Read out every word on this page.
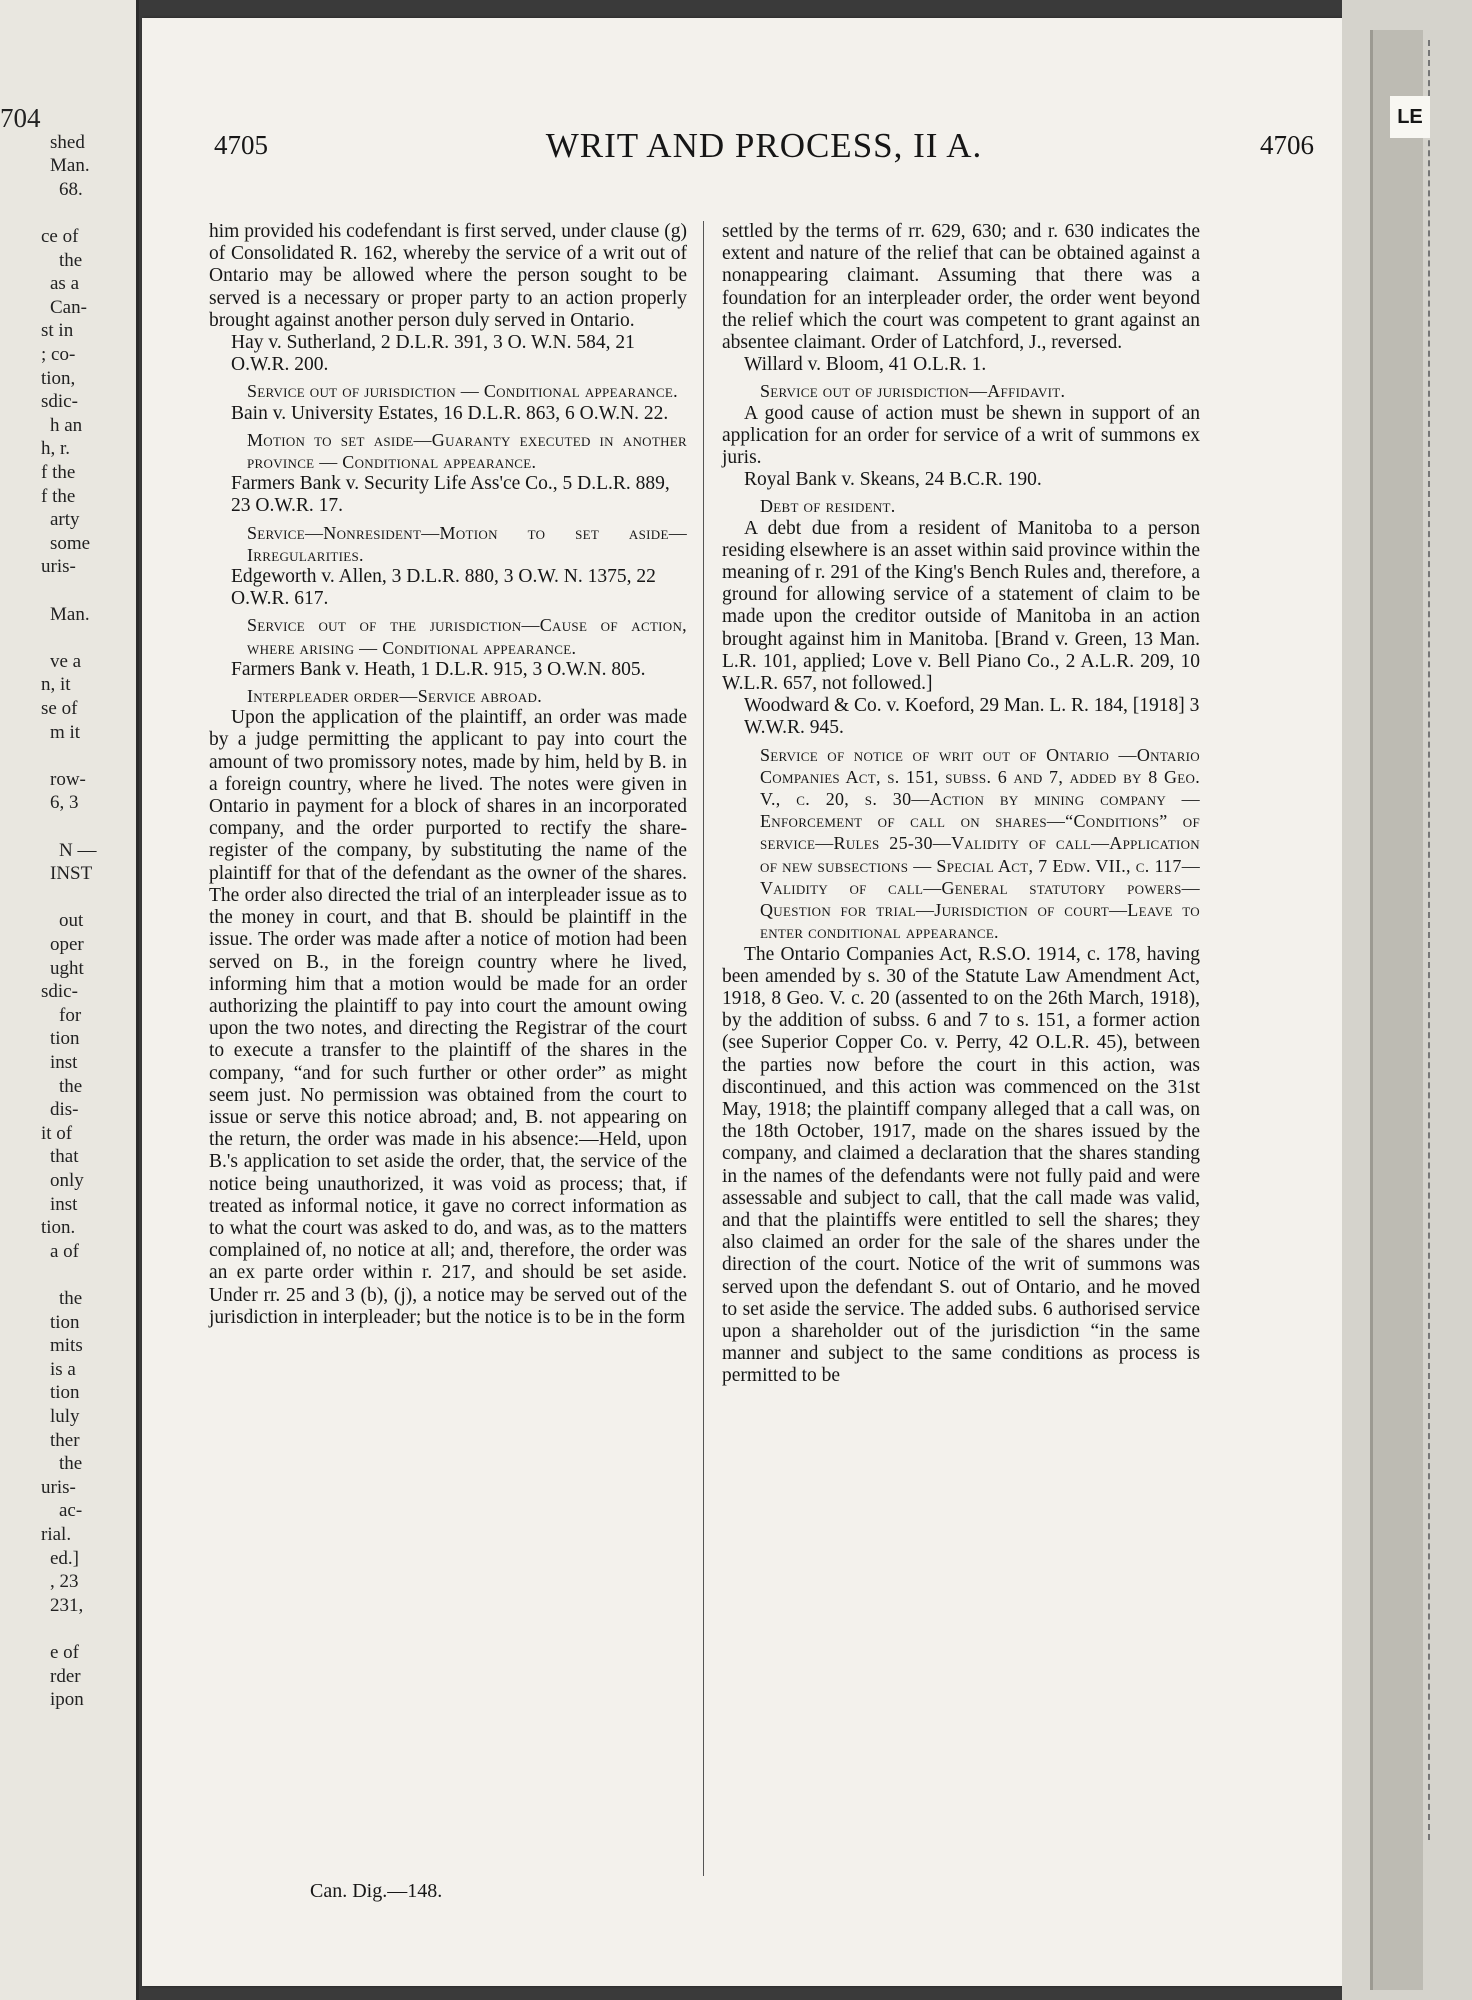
704
shed
Man.
68.
ce of
the
as a
Can-
st in
; co-
tion,
sdic-
h an
h, r.
f the
f the
arty
some
uris-
Man.
ve a
n, it
se of
m it
row-
6, 3
N —
INST
out
oper
ught
sdic-
for
tion
inst
the
dis-
it of
that
only
inst
tion.
a of
the
tion
mits
is a
tion
luly
ther
the
uris-
ac-
rial.
ed.]
, 23
231,
e of
rder
ipon
4705	WRIT AND PROCESS, II A.	4706
him provided his codefendant is first served, under clause (g) of Consolidated R. 162, whereby the service of a writ out of Ontario may be allowed where the person sought to be served is a necessary or proper party to an action properly brought against another person duly served in Ontario.
Hay v. Sutherland, 2 D.L.R. 391, 3 O. W.N. 584, 21 O.W.R. 200.
Service out of jurisdiction — Conditional appearance.
Bain v. University Estates, 16 D.L.R. 863, 6 O.W.N. 22.
Motion to set aside—Guaranty executed in another province — Conditional appearance.
Farmers Bank v. Security Life Ass'ce Co., 5 D.L.R. 889, 23 O.W.R. 17.
Service—Nonresident—Motion to set aside—Irregularities.
Edgeworth v. Allen, 3 D.L.R. 880, 3 O.W. N. 1375, 22 O.W.R. 617.
Service out of the jurisdiction—Cause of action, where arising — Conditional appearance.
Farmers Bank v. Heath, 1 D.L.R. 915, 3 O.W.N. 805.
Interpleader order—Service abroad.
Upon the application of the plaintiff, an order was made by a judge permitting the applicant to pay into court the amount of two promissory notes, made by him, held by B. in a foreign country, where he lived. The notes were given in Ontario in payment for a block of shares in an incorporated company, and the order purported to rectify the share-register of the company, by substituting the name of the plaintiff for that of the defendant as the owner of the shares. The order also directed the trial of an interpleader issue as to the money in court, and that B. should be plaintiff in the issue. The order was made after a notice of motion had been served on B., in the foreign country where he lived, informing him that a motion would be made for an order authorizing the plaintiff to pay into court the amount owing upon the two notes, and directing the Registrar of the court to execute a transfer to the plaintiff of the shares in the company, “and for such further or other order” as might seem just. No permission was obtained from the court to issue or serve this notice abroad; and, B. not appearing on the return, the order was made in his absence:—Held, upon B.'s application to set aside the order, that, the service of the notice being unauthorized, it was void as process; that, if treated as informal notice, it gave no correct information as to what the court was asked to do, and was, as to the matters complained of, no notice at all; and, therefore, the order was an ex parte order within r. 217, and should be set aside. Under rr. 25 and 3 (b), (j), a notice may be served out of the jurisdiction in interpleader; but the notice is to be in the form
settled by the terms of rr. 629, 630; and r. 630 indicates the extent and nature of the relief that can be obtained against a nonappearing claimant. Assuming that there was a foundation for an interpleader order, the order went beyond the relief which the court was competent to grant against an absentee claimant. Order of Latchford, J., reversed.
Willard v. Bloom, 41 O.L.R. 1.
Service out of jurisdiction—Affidavit.
A good cause of action must be shewn in support of an application for an order for service of a writ of summons ex juris.
Royal Bank v. Skeans, 24 B.C.R. 190.
Debt of resident.
A debt due from a resident of Manitoba to a person residing elsewhere is an asset within said province within the meaning of r. 291 of the King's Bench Rules and, therefore, a ground for allowing service of a statement of claim to be made upon the creditor outside of Manitoba in an action brought against him in Manitoba. [Brand v. Green, 13 Man. L.R. 101, applied; Love v. Bell Piano Co., 2 A.L.R. 209, 10 W.L.R. 657, not followed.]
Woodward & Co. v. Koeford, 29 Man. L. R. 184, [1918] 3 W.W.R. 945.
Service of notice of writ out of Ontario —Ontario Companies Act, s. 151, subss. 6 and 7, added by 8 Geo. V., c. 20, s. 30—Action by mining company — Enforcement of call on shares—“Conditions” of service—Rules 25-30—Validity of call—Application of new subsections — Special Act, 7 Edw. VII., c. 117—Validity of call—General statutory powers—Question for trial—Jurisdiction of court—Leave to enter conditional appearance.
The Ontario Companies Act, R.S.O. 1914, c. 178, having been amended by s. 30 of the Statute Law Amendment Act, 1918, 8 Geo. V. c. 20 (assented to on the 26th March, 1918), by the addition of subss. 6 and 7 to s. 151, a former action (see Superior Copper Co. v. Perry, 42 O.L.R. 45), between the parties now before the court in this action, was discontinued, and this action was commenced on the 31st May, 1918; the plaintiff company alleged that a call was, on the 18th October, 1917, made on the shares issued by the company, and claimed a declaration that the shares standing in the names of the defendants were not fully paid and were assessable and subject to call, that the call made was valid, and that the plaintiffs were entitled to sell the shares; they also claimed an order for the sale of the shares under the direction of the court. Notice of the writ of summons was served upon the defendant S. out of Ontario, and he moved to set aside the service. The added subs. 6 authorised service upon a shareholder out of the jurisdiction “in the same manner and subject to the same conditions as process is permitted to be
Can. Dig.—148.
LE
